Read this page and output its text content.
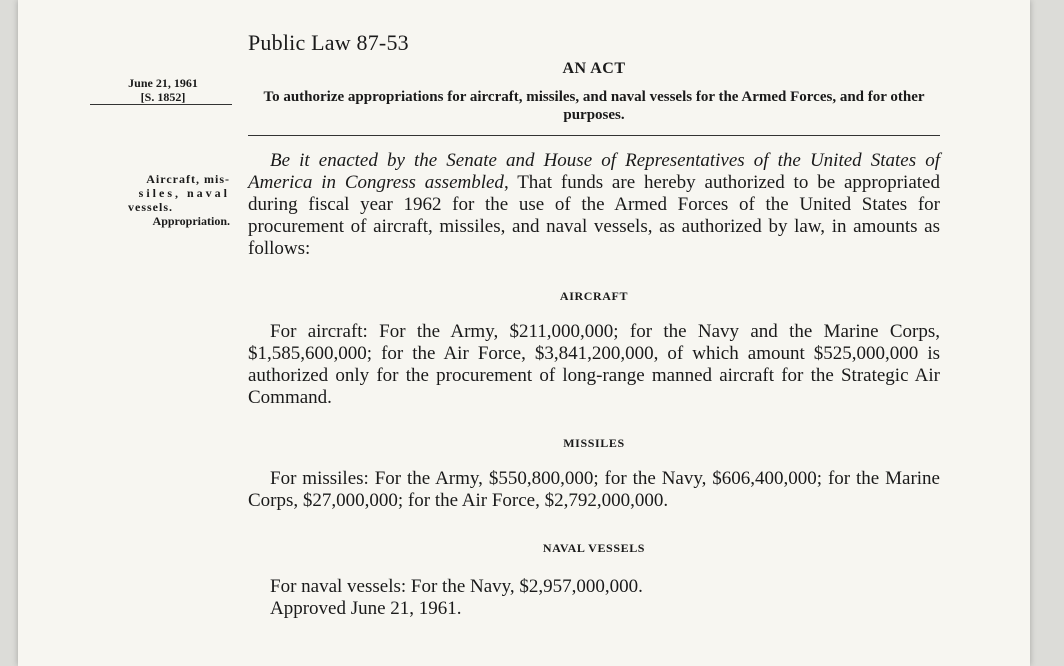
Public Law 87-53
June 21, 1961
[S. 1852]
Aircraft, mis-
siles, naval
vessels.
Appropriation.
AN ACT
To authorize appropriations for aircraft, missiles, and naval vessels for the Armed Forces, and for other purposes.
Be it enacted by the Senate and House of Representatives of the United States of America in Congress assembled, That funds are hereby authorized to be appropriated during fiscal year 1962 for the use of the Armed Forces of the United States for procurement of aircraft, missiles, and naval vessels, as authorized by law, in amounts as follows:
AIRCRAFT
For aircraft: For the Army, $211,000,000; for the Navy and the Marine Corps, $1,585,600,000; for the Air Force, $3,841,200,000, of which amount $525,000,000 is authorized only for the procurement of long-range manned aircraft for the Strategic Air Command.
MISSILES
For missiles: For the Army, $550,800,000; for the Navy, $606,400,000; for the Marine Corps, $27,000,000; for the Air Force, $2,792,000,000.
NAVAL VESSELS
For naval vessels: For the Navy, $2,957,000,000.
Approved June 21, 1961.
